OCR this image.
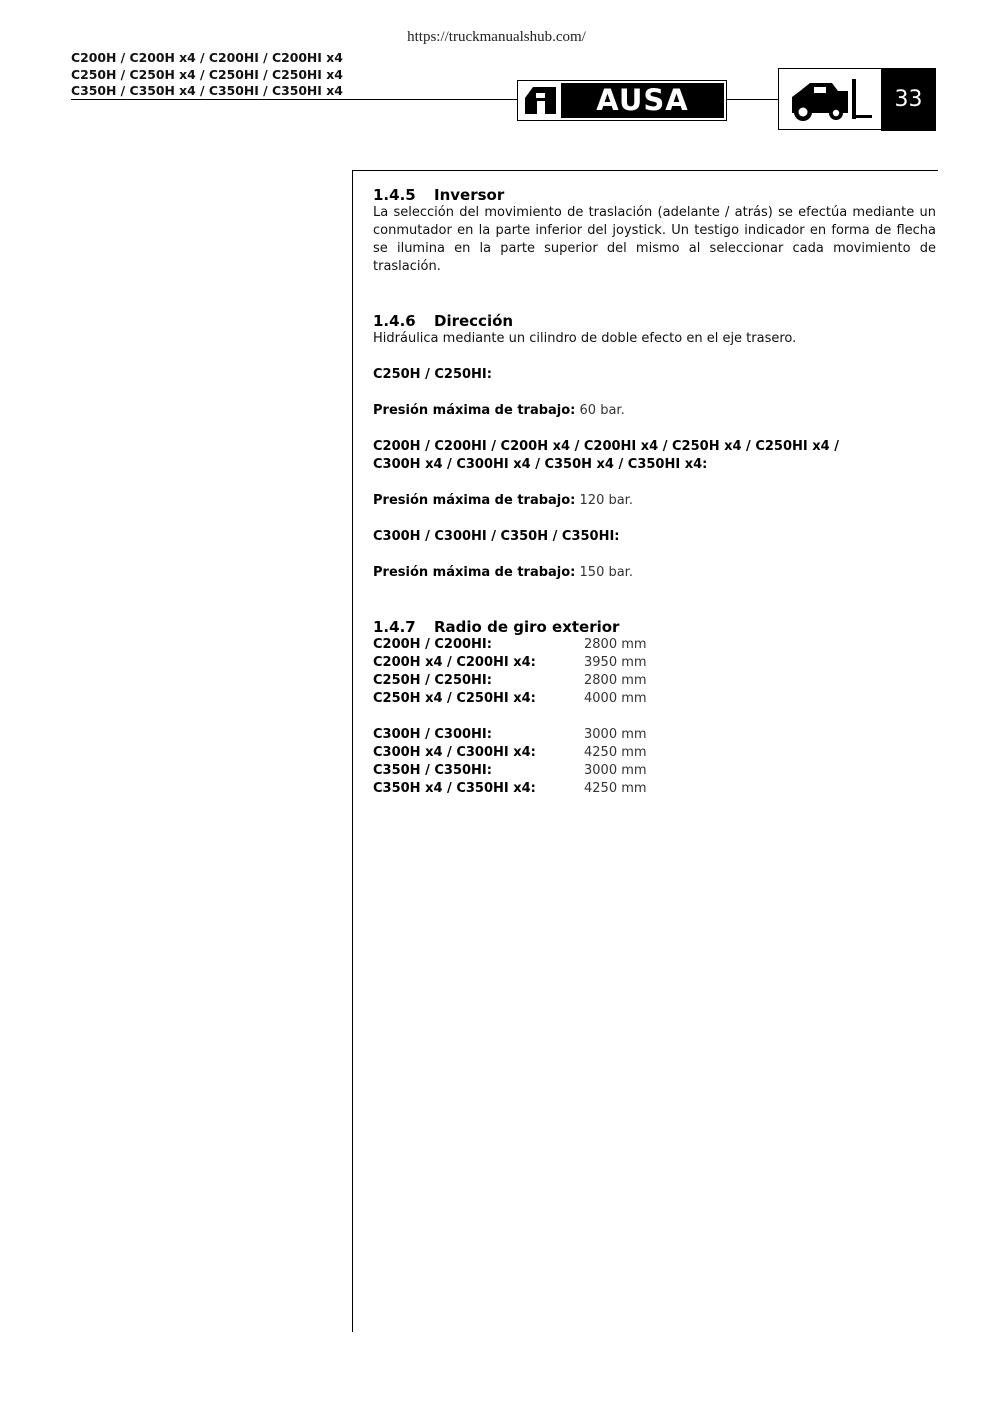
https://truckmanualshub.com/
C200H / C200H x4 / C200HI / C200HI x4
C250H / C250H x4 / C250HI / C250HI x4
C350H / C350H x4 / C350HI / C350HI x4	AUSA	33
1.4.5 Inversor

La selección del movimiento de traslación (adelante / atrás) se efectúa mediante un conmutador en la parte inferior del joystick. Un testigo indicador en forma de flecha se ilumina en la parte superior del mismo al seleccionar cada movimiento de traslación.

1.4.6 Dirección

Hidráulica mediante un cilindro de doble efecto en el eje trasero.

C250H / C250HI:

Presión máxima de trabajo: 60 bar.

C200H / C200HI / C200H x4 / C200HI x4 / C250H x4 / C250HI x4 /

C300H x4 / C300HI x4 / C350H x4 / C350HI x4:

Presión máxima de trabajo: 120 bar.

C300H / C300HI / C350H / C350HI:

Presión máxima de trabajo: 150 bar.

1.4.7 Radio de giro exterior
C200H / C200HI:	2800 mm
C200H x4 / C200HI x4:	3950 mm
C250H / C250HI:	2800 mm
C250H x4 / C250HI x4:	4000 mm
C300H / C300HI:	3000 mm
C300H x4 / C300HI x4:	4250 mm
C350H / C350HI:	3000 mm
C350H x4 / C350HI x4:	4250 mm
